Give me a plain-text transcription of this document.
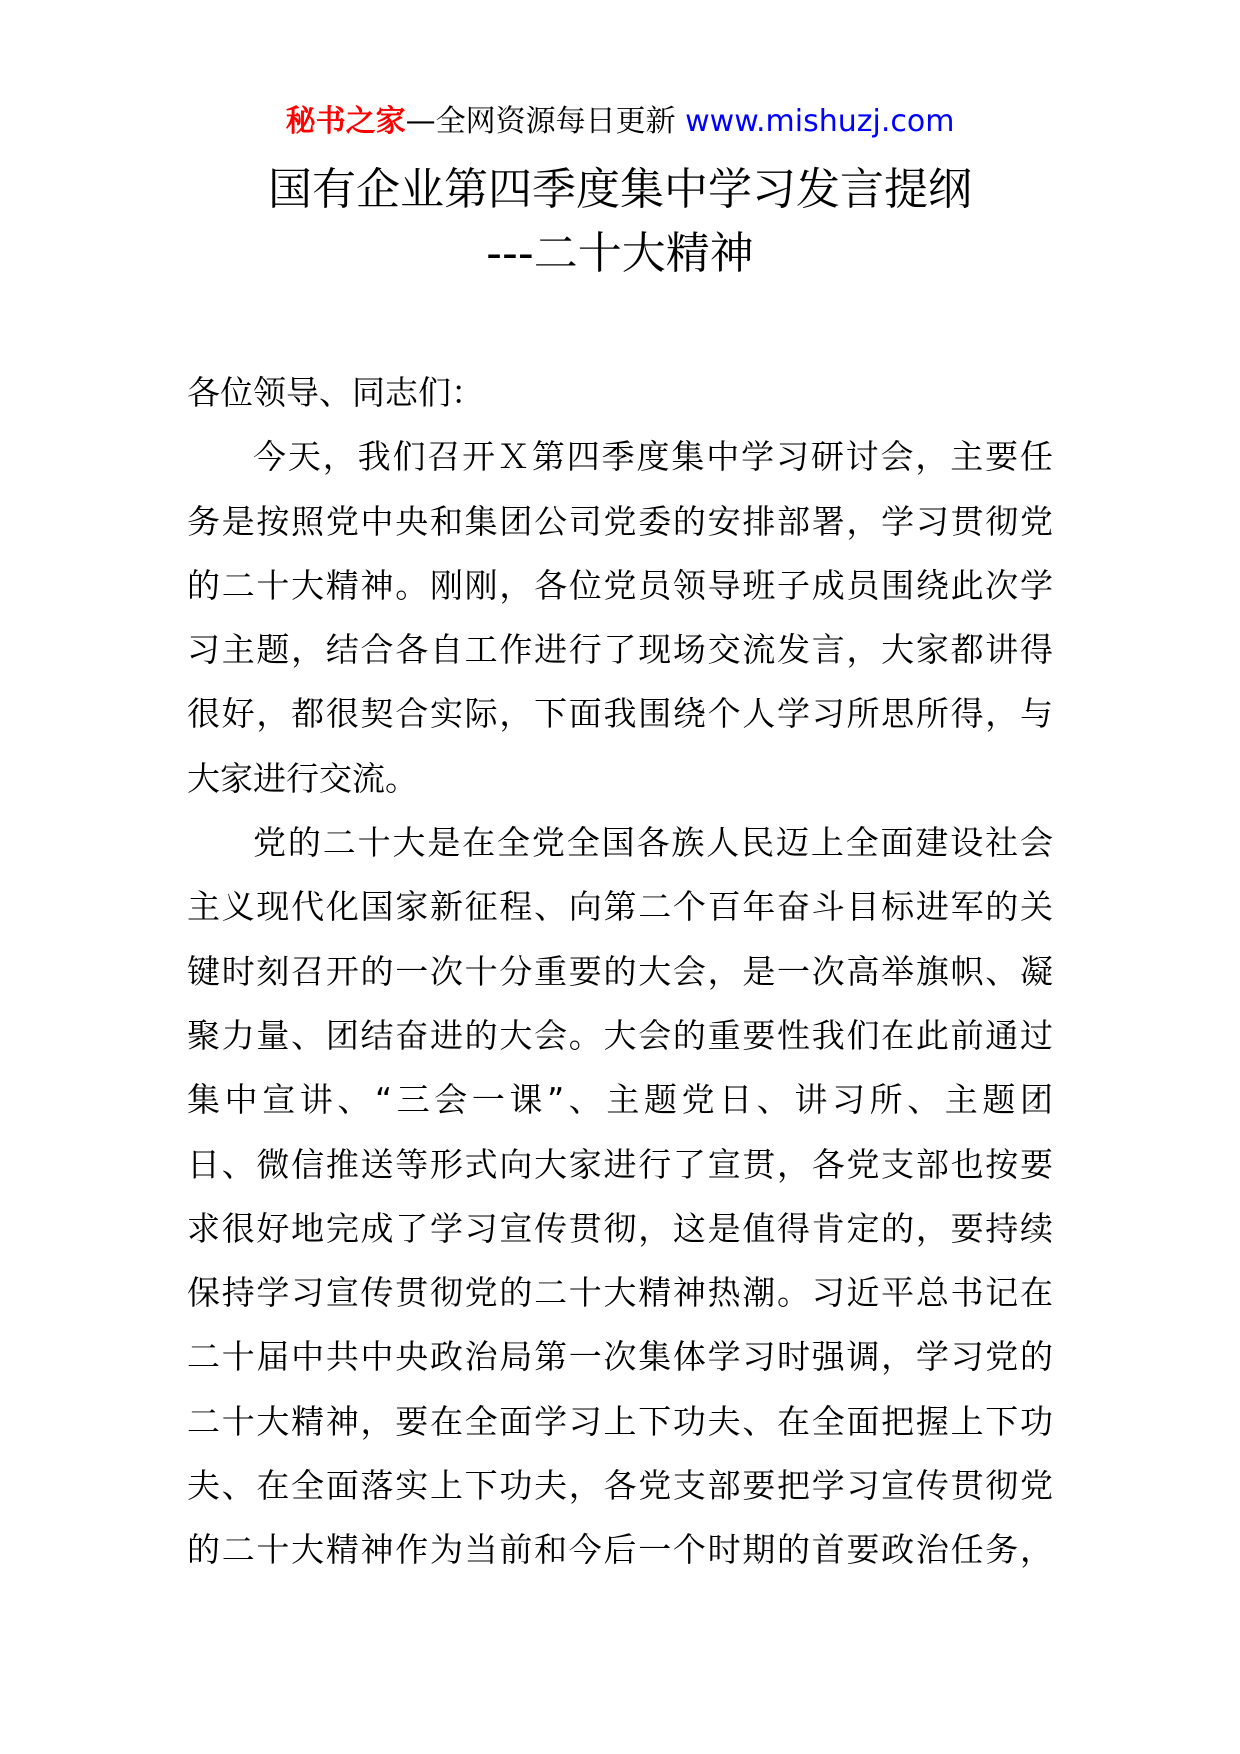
秘书之家—全网资源每日更新 www.mishuzj.com
国有企业第四季度集中学习发言提纲
---二十大精神
各位领导、同志们：
今天，我们召开Ｘ第四季度集中学习研讨会，主要任
务是按照党中央和集团公司党委的安排部署，学习贯彻党
的二十大精神。刚刚，各位党员领导班子成员围绕此次学
习主题，结合各自工作进行了现场交流发言，大家都讲得
很好，都很契合实际，下面我围绕个人学习所思所得，与
大家进行交流。
党的二十大是在全党全国各族人民迈上全面建设社会
主义现代化国家新征程、向第二个百年奋斗目标进军的关
键时刻召开的一次十分重要的大会，是一次高举旗帜、凝
聚力量、团结奋进的大会。大会的重要性我们在此前通过
集中宣讲、“三会一课”、主题党日、讲习所、主题团
日、微信推送等形式向大家进行了宣贯，各党支部也按要
求很好地完成了学习宣传贯彻，这是值得肯定的，要持续
保持学习宣传贯彻党的二十大精神热潮。习近平总书记在
二十届中共中央政治局第一次集体学习时强调，学习党的
二十大精神，要在全面学习上下功夫、在全面把握上下功
夫、在全面落实上下功夫，各党支部要把学习宣传贯彻党
的二十大精神作为当前和今后一个时期的首要政治任务，
